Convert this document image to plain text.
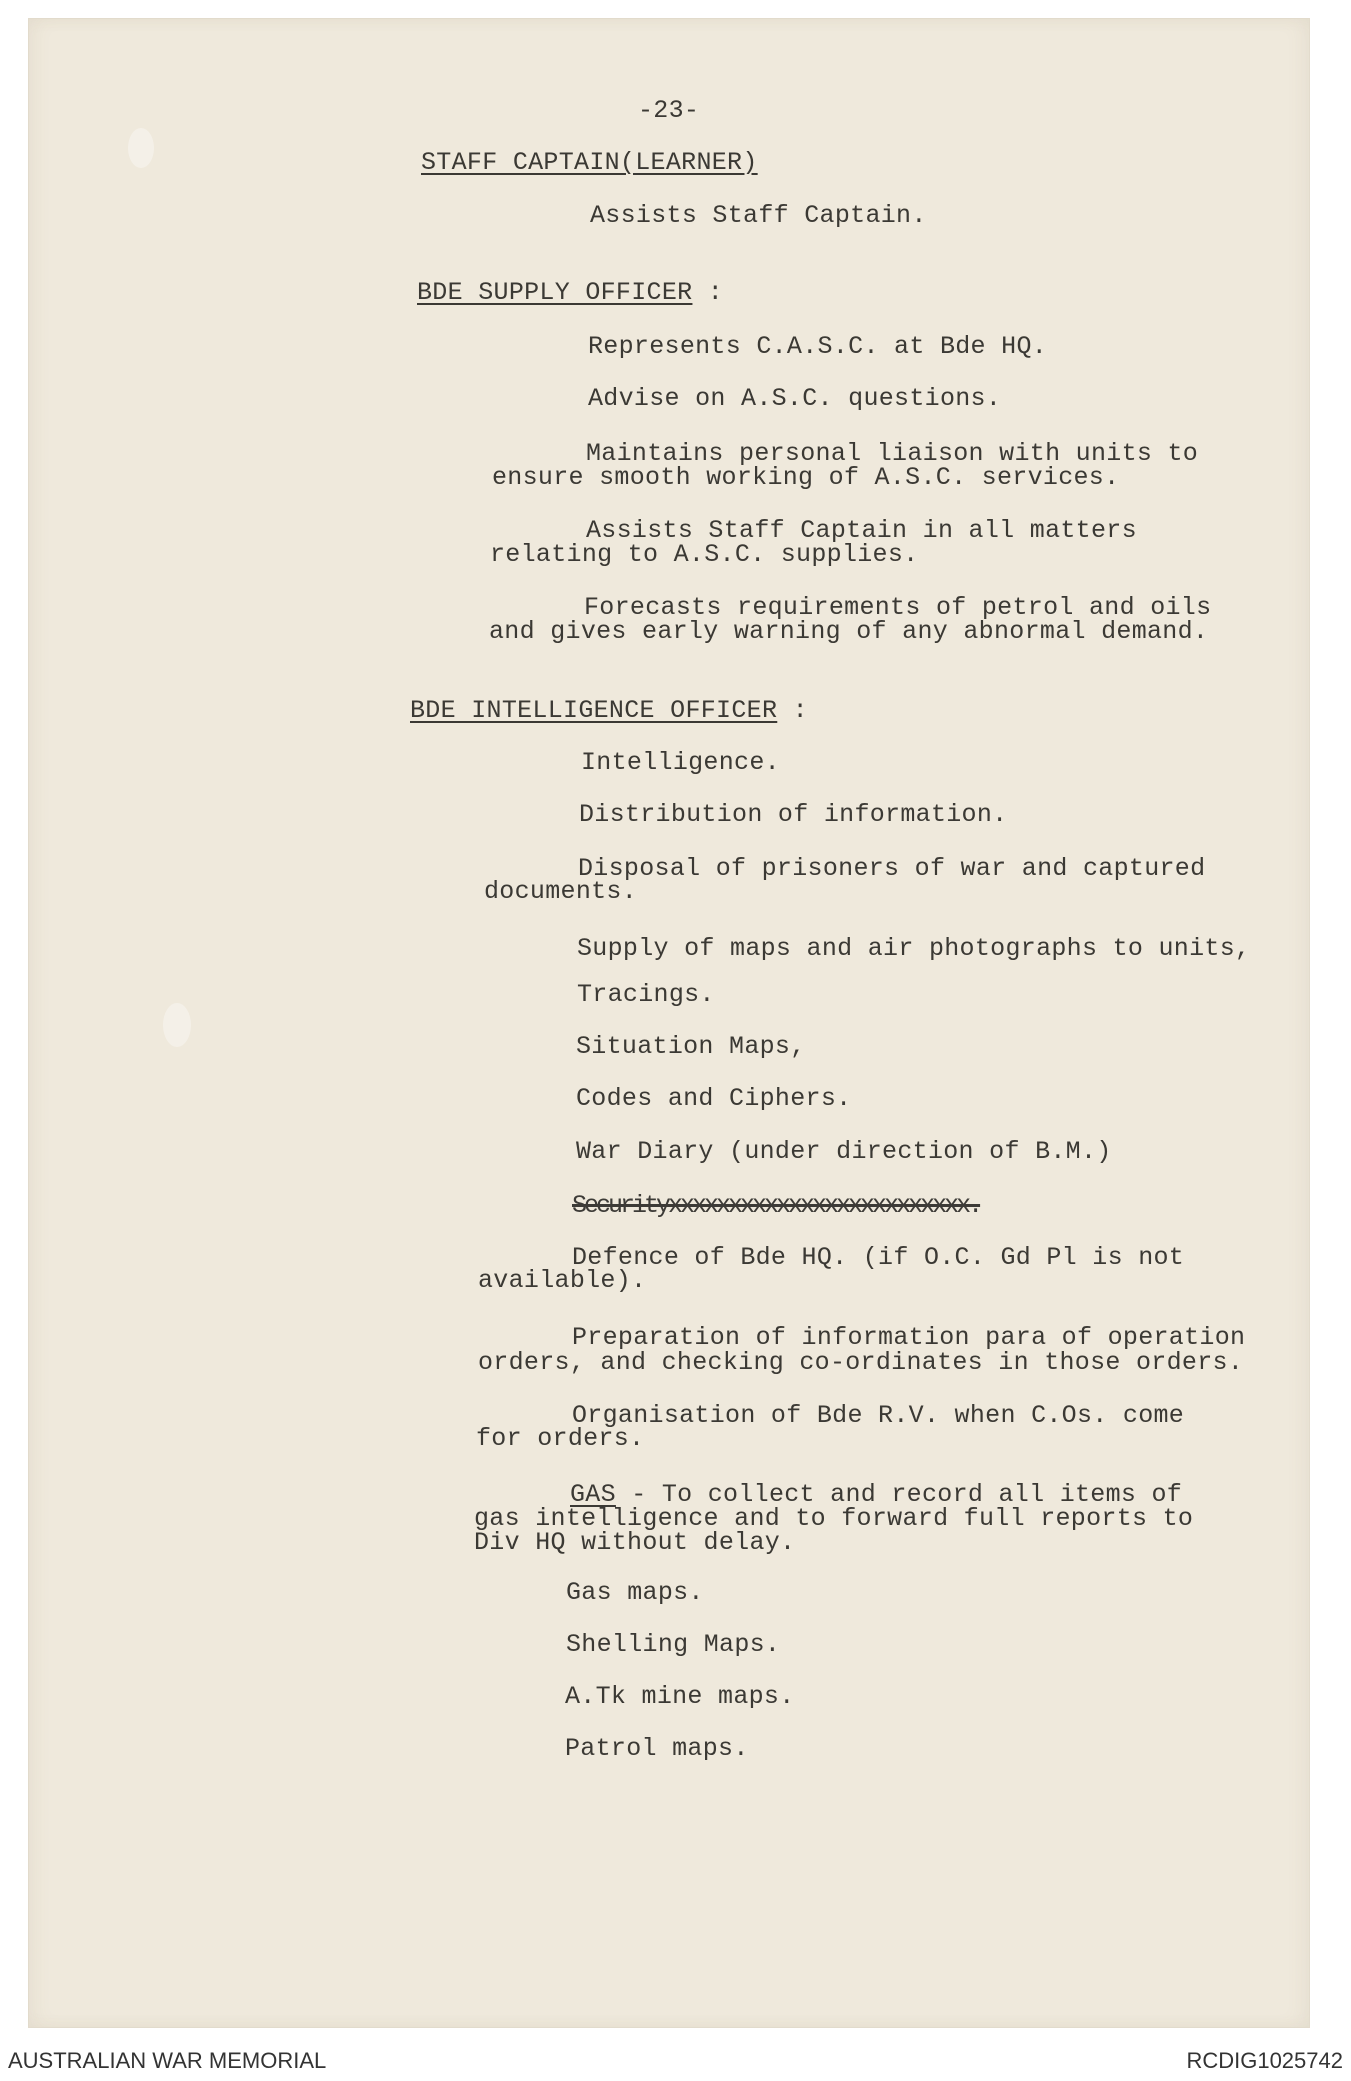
-23-
STAFF CAPTAIN(LEARNER)
Assists Staff Captain.
BDE SUPPLY OFFICER :
Represents C.A.S.C. at Bde HQ.
Advise on A.S.C. questions.
Maintains personal liaison with units to
ensure smooth working of A.S.C. services.
Assists Staff Captain in all matters
relating to A.S.C. supplies.
Forecasts requirements of petrol and oils
and gives early warning of any abnormal demand.
BDE INTELLIGENCE OFFICER :
Intelligence.
Distribution of information.
Disposal of prisoners of war and captured
documents.
Supply of maps and air photographs to units,
Tracings.
Situation Maps,
Codes and Ciphers.
War Diary (under direction of B.M.)
Securityxxxxxxxxxxxxxxxxxxxxxxxxx.
Defence of Bde HQ. (if O.C. Gd Pl is not
available).
Preparation of information para of operation
orders, and checking co-ordinates in those orders.
Organisation of Bde R.V. when C.Os. come
for orders.
GAS - To collect and record all items of
gas intelligence and to forward full reports to
Div HQ without delay.
Gas maps.
Shelling Maps.
A.Tk mine maps.
Patrol maps.
AUSTRALIAN WAR MEMORIAL	RCDIG1025742
